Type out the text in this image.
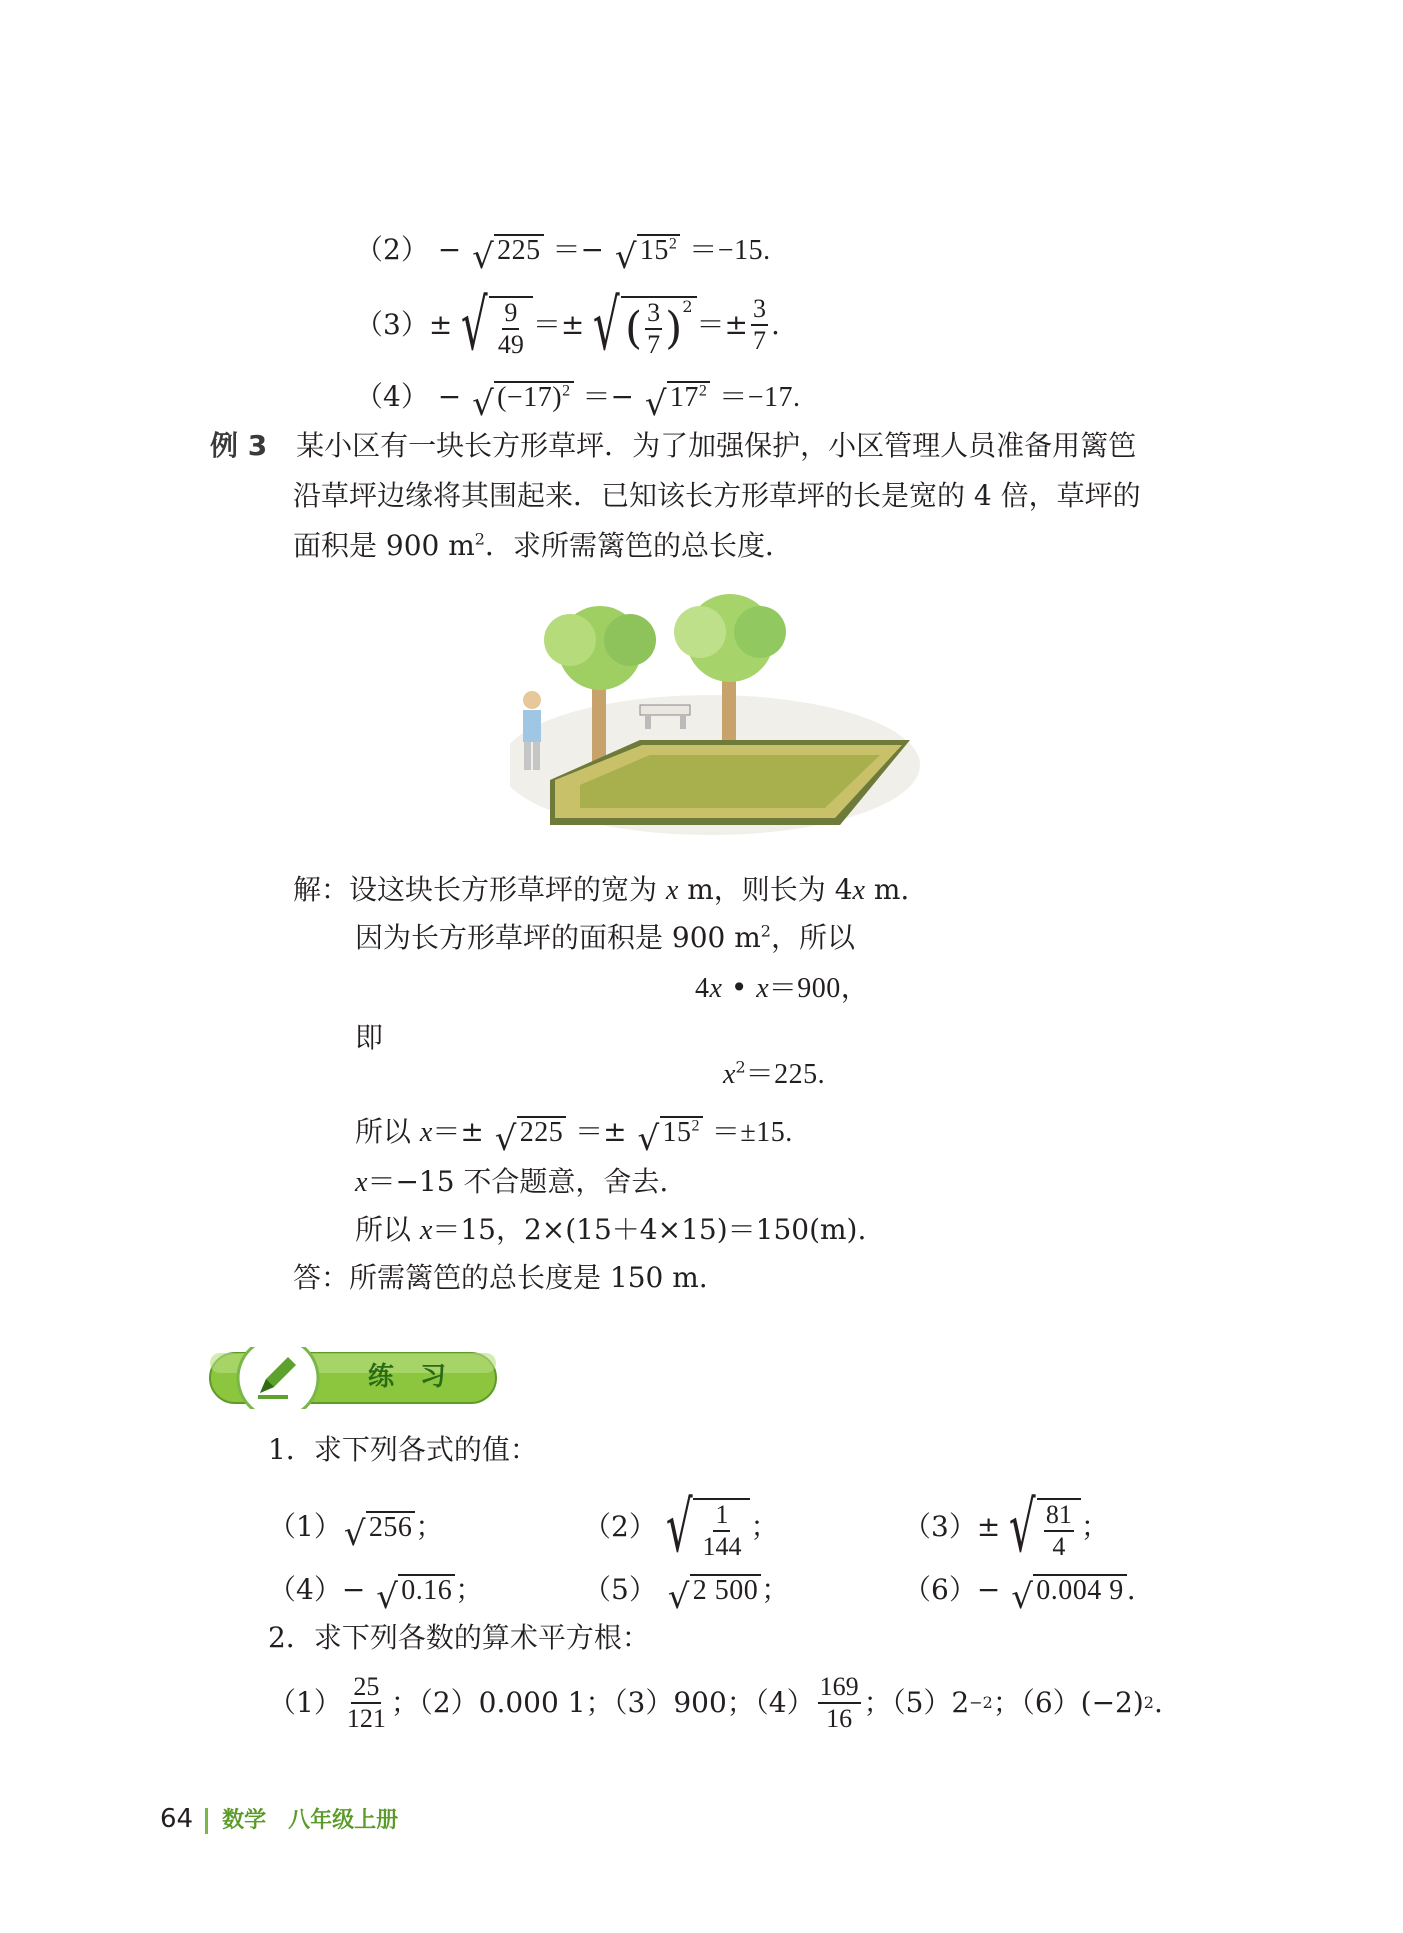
（2） − √ 225 ＝− √ $15^2 =-15$.
（3） ± √ $\frac{9}{49}$ ＝± √ ( $\frac{3}{7} )^2$
＝± $\frac{3}{7}$ .
（4） − √ $(-17)^2$ ＝− √ $17^2 =-17$.
例 3 某小区有一块长方形草坪．为了加强保护，小区管理人员准备用篱笆
沿草坪边缘将其围起来．已知该长方形草坪的长是宽的 4 倍，草坪的
面积是 900 $m^2$．求所需篱笆的总长度．
解：设这块长方形草坪的宽为 x m，则长为 4x m.
因为长方形草坪的面积是 900 $m^2$，所以
4x • x＝900，
即
$x^2=225$.
所以 x＝± √ 225 ＝± √ $15^2 =\pm 15$.
x＝−15 不合题意，舍去.
所以 x＝15，2×(15＋4×15)＝150(m).
答：所需篱笆的总长度是 150 m.
练　习
1．求下列各式的值：
（1） √ 256 ；	（2） √ $\frac{1}{144}$ ；	（3） ± √ $\frac{81}{4}$ ；
（4）− √ 0.16 ；	（5） √ 2 500 ；	（6）− √ 0.004 9 .
2．求下列各数的算术平方根：
$(1) \frac{25}{121}$ ；（2）0.000 1；（3）900；$(4) \frac{169}{16}$ ；（5）2 −2 ；（6）(−2) 2 .
64 数学　八年级上册
